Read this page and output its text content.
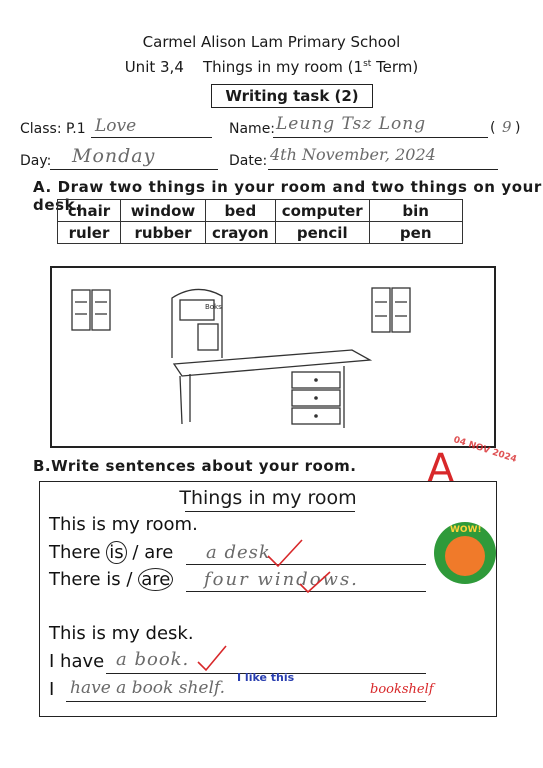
Carmel Alison Lam Primary School
Unit 3,4 Things in my room (1st Term)
Writing task (2)
Class: P.1 Love	Name: Leung Tsz Long	( 9 )
Day: Monday	Date: 4th November, 2024
A. Draw two things in your room and two things on your desk.
chair	window	bed	computer	bin
ruler	rubber	crayon	pencil	pen
Boks
B.Write sentences about your room.
04 NOV 2024
A
Things in my room
This is my room.
There is / are a desk
There is / are four windows.
This is my desk.
I have a book.
I have a book shelf.
I like this
bookshelf
WOW!
